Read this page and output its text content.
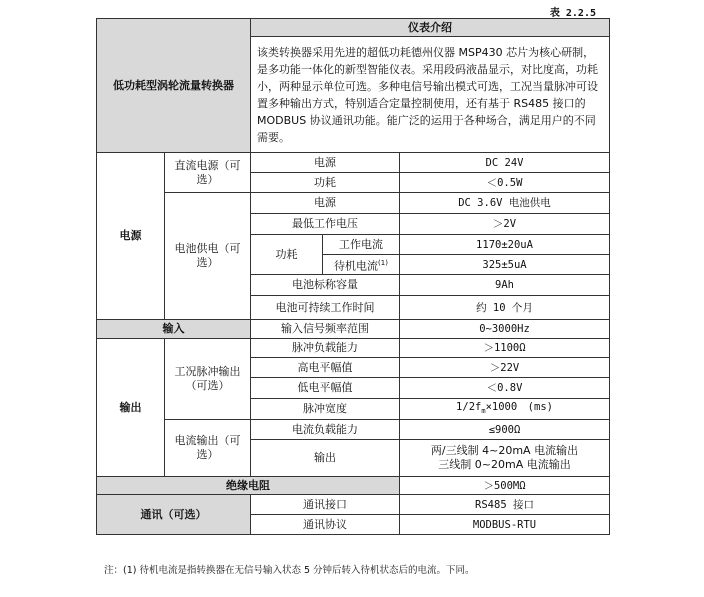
表 2.2.5
低功耗型涡轮流量转换器		仪表介绍		
		该类转换器采用先进的超低功耗德州仪器 MSP430 芯片为核心研制，是多功能一体化的新型智能仪表。采用段码液晶显示，对比度高，功耗小，两种显示单位可选。多种电信号输出模式可选，工况当量脉冲可设置多种输出方式，特别适合定量控制使用，还有基于 RS485 接口的 MODBUS 协议通讯功能。能广泛的运用于各种场合，满足用户的不同需要。		
电源	直流电源（可选）	电源		DC 24V
		功耗		＜0.5W
	电池供电（可选）	电源		DC 3.6V 电池供电
		最低工作电压		＞2V
		功耗	工作电流	1170±20uA
			待机电流$^{(1)}$	325±5uA
		电池标称容量		9Ah
		电池可持续工作时间		约 10 个月
输入		输入信号频率范围		0~3000Hz
输出	工况脉冲输出（可选）	脉冲负载能力		＞1100Ω
		高电平幅值		＞22V
		低电平幅值		＜0.8V
		脉冲宽度		$1/2f_m\times 1000$　(ms)
	电流输出（可选）	电流负载能力		≤900Ω
		输出		两/三线制 4~20mA 电流输出
三线制 0~20mA 电流输出

绝缘电阻				＞500MΩ
通讯（可选）		通讯接口		RS485 接口
		通讯协议		MODBUS-RTU
注：(1) 待机电流是指转换器在无信号输入状态 5 分钟后转入待机状态后的电流。下同。
